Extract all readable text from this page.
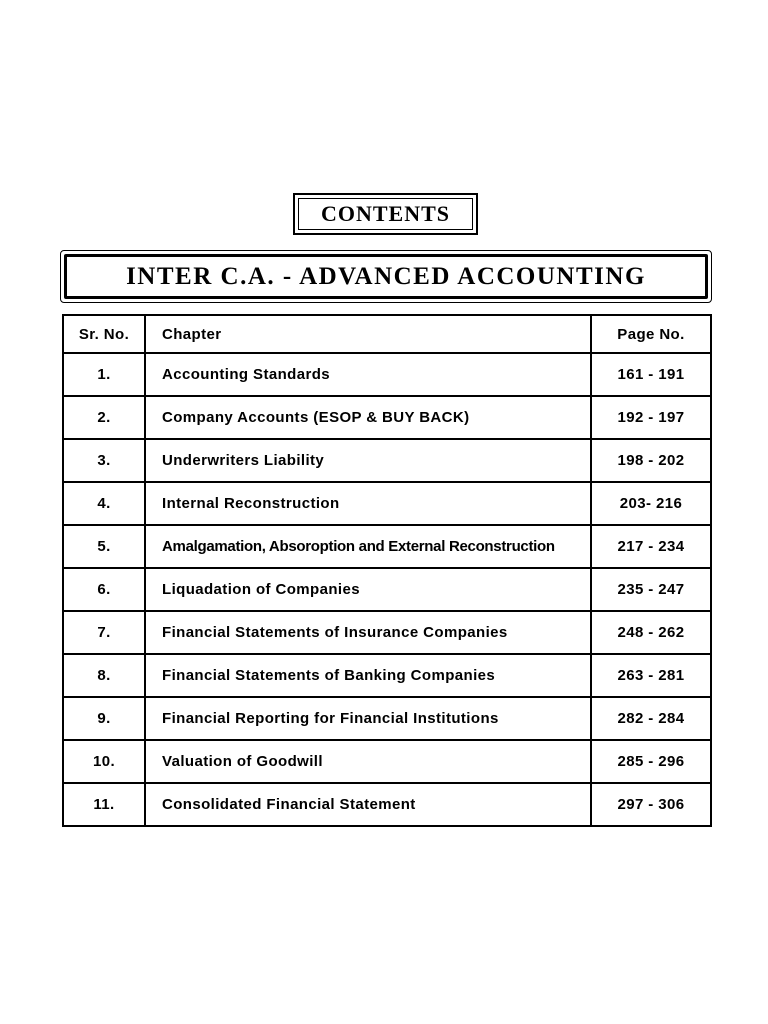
CONTENTS
INTER C.A. - ADVANCED ACCOUNTING
Sr. No.	Chapter	Page No.
1.	Accounting Standards	161 - 191
2.	Company Accounts (ESOP & BUY BACK)	192 - 197
3.	Underwriters Liability	198 - 202
4.	Internal Reconstruction	203- 216
5.	Amalgamation, Absoroption and External Reconstruction	217 - 234
6.	Liquadation of Companies	235 - 247
7.	Financial Statements of Insurance Companies	248 - 262
8.	Financial Statements of Banking Companies	263 - 281
9.	Financial Reporting for Financial Institutions	282 - 284
10.	Valuation of Goodwill	285 - 296
11.	Consolidated Financial Statement	297 - 306
